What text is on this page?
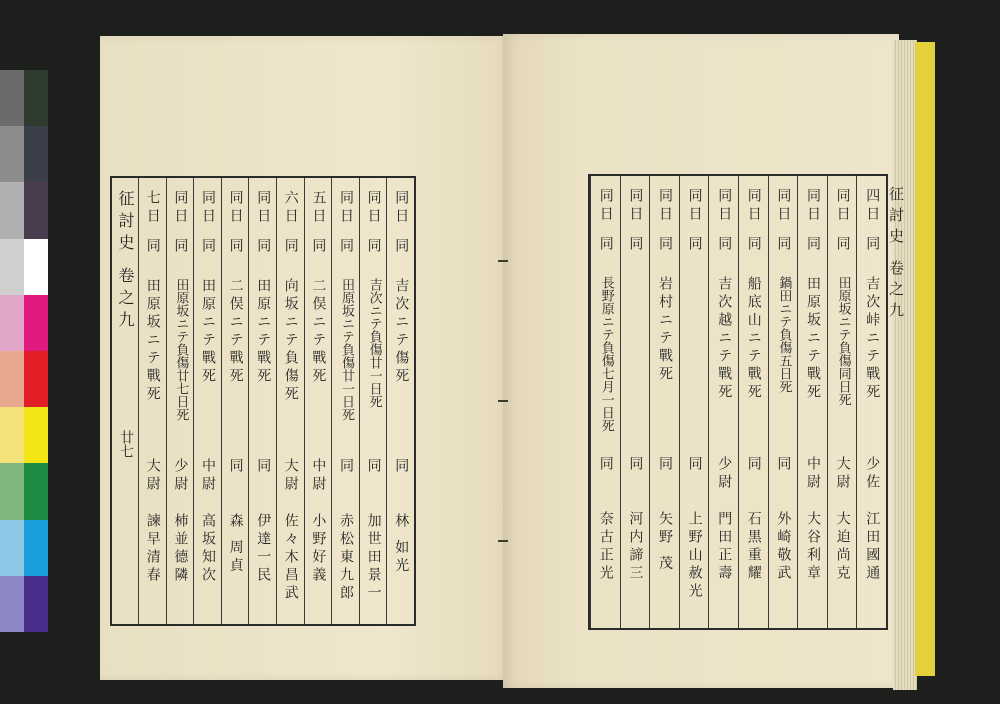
征討史 卷之九
廿七
征討史 卷之九
同日
同
吉次ニテ傷死
同
林 如光
同日
同
吉次ニテ負傷廿一日死
同
加世田景一
同日
同
田原坂ニテ負傷廿一日死
同
赤松東九郎
五日
同
二俣ニテ戰死
中尉
小野好義
六日
同
向坂ニテ負傷死
大尉
佐々木昌武
同日
同
田原ニテ戰死
同
伊達一民
同日
同
二俣ニテ戰死
同
森 周貞
同日
同
田原ニテ戰死
中尉
高坂知次
同日
同
田原坂ニテ負傷廿七日死
少尉
杮並德隣
七日
同
田原坂ニテ戰死
大尉
諫早清春
四日
同
吉次峠ニテ戰死
少佐
江田國通
同日
同
田原坂ニテ負傷同日死
大尉
大迫尚克
同日
同
田原坂ニテ戰死
中尉
大谷利章
同日
同
鍋田ニテ負傷五日死
同
外崎敬武
同日
同
船底山ニテ戰死
同
石黒重耀
同日
同
吉次越ニテ戰死
少尉
門田正壽
同日
同
同
上野山赦光
同日
同
岩村ニテ戰死
同
矢野 茂
同日
同
同
河内諦三
同日
同
長野原ニテ負傷七月一日死
同
奈古正光
